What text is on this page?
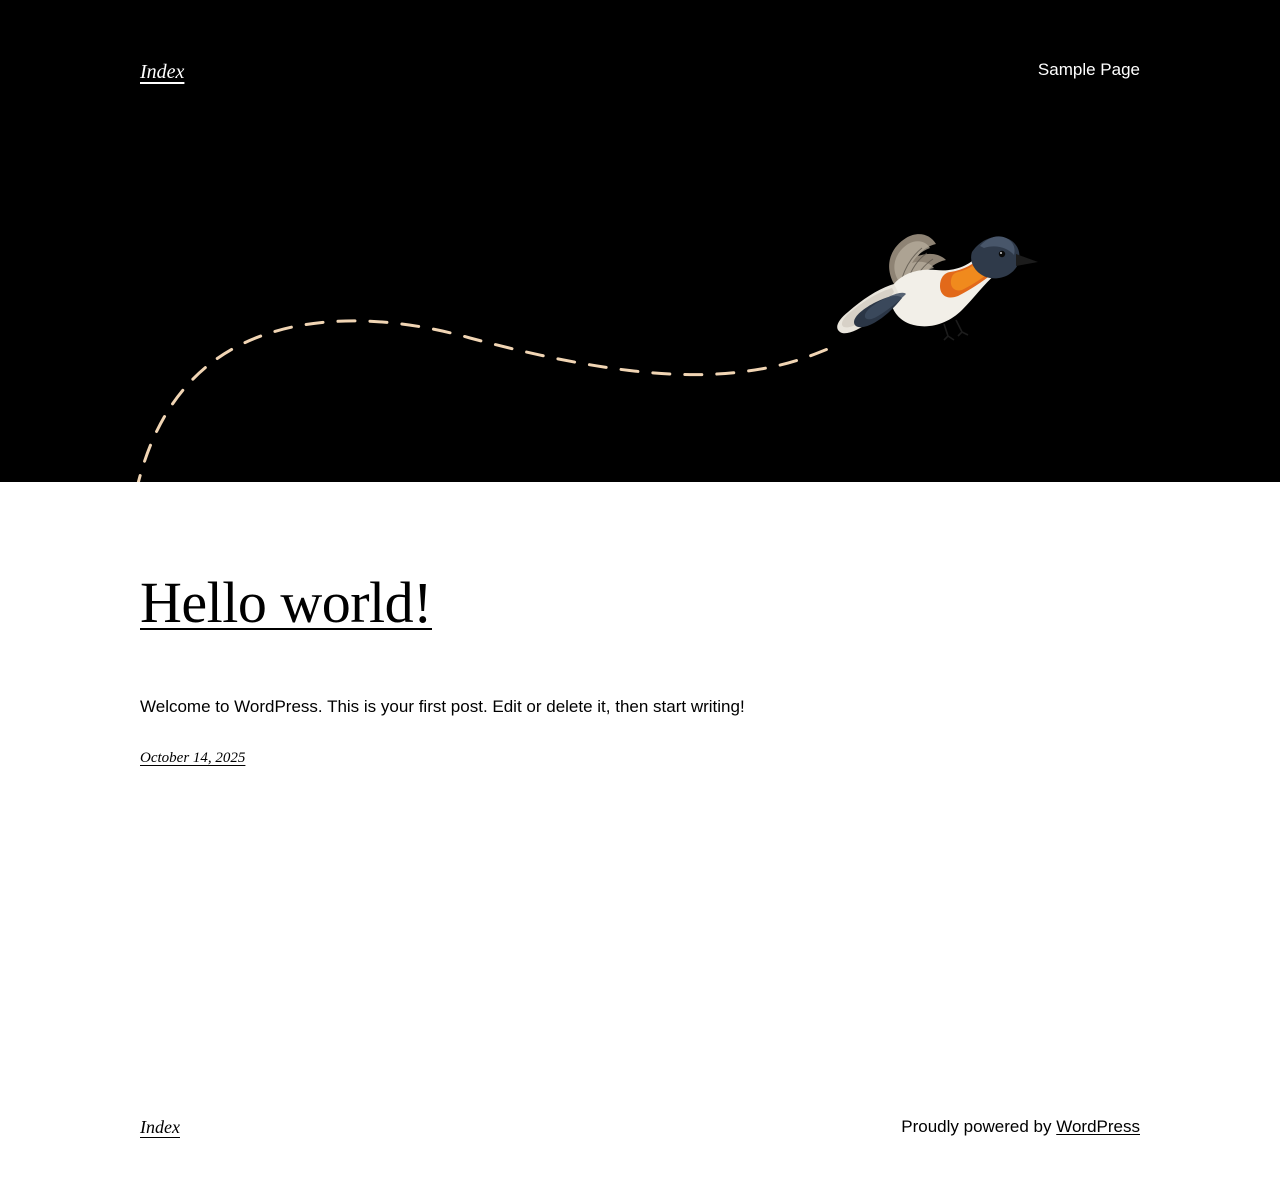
Index	Sample Page
Hello world!

Welcome to WordPress. This is your first post. Edit or delete it, then start writing!

October 14, 2025
Index	Proudly powered by WordPress
